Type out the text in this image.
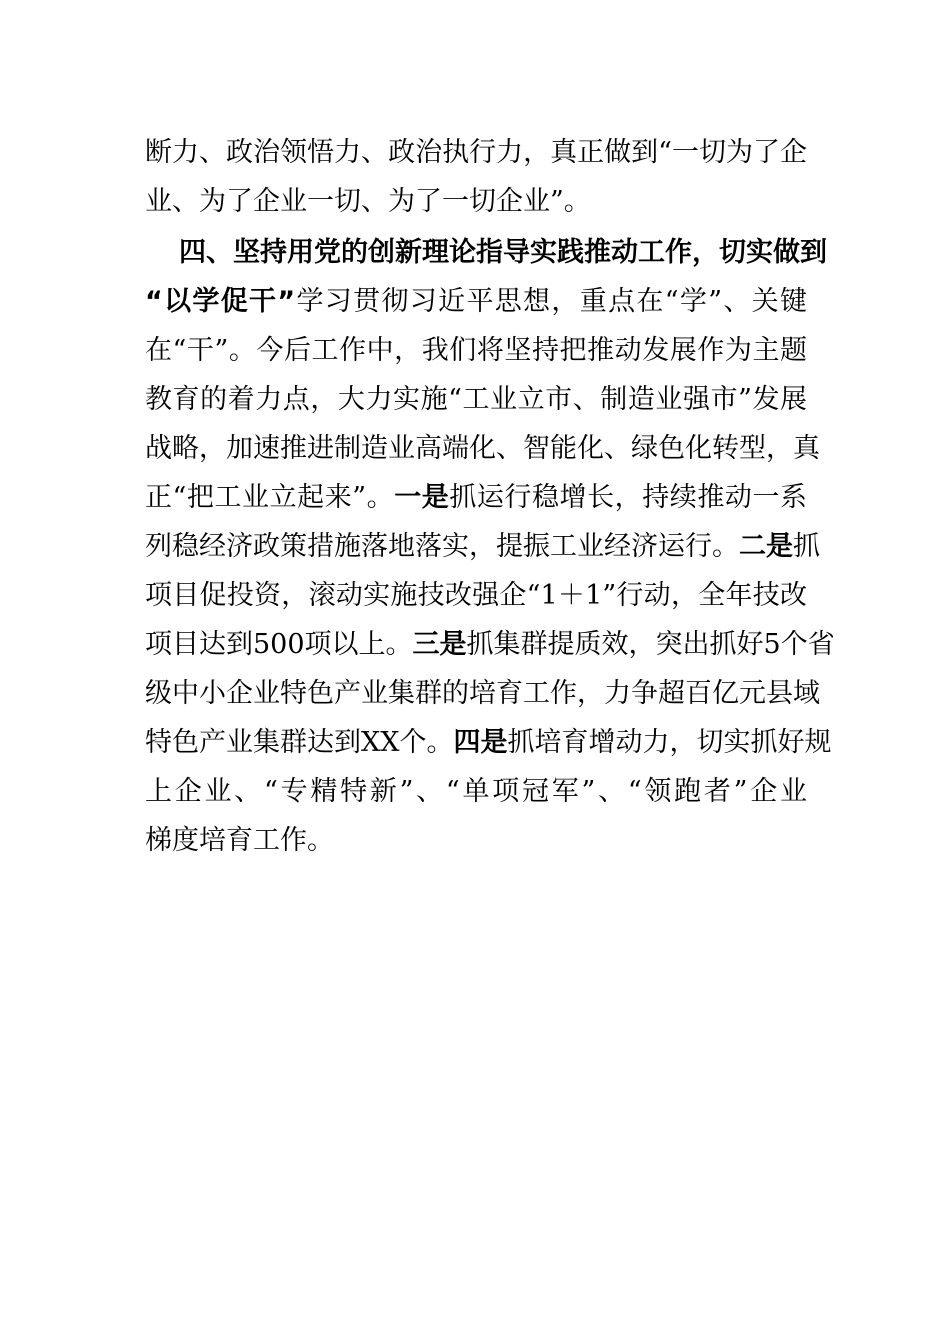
断力、政治领悟力、政治执行力，真正做到“一切为了企
业、为了企业一切、为了一切企业”。
四、坚持用党的创新理论指导实践推动工作，切实做到
“以学促干”学习贯彻习近平思想，重点在“学”、关键
在“干”。今后工作中，我们将坚持把推动发展作为主题
教育的着力点，大力实施“工业立市、制造业强市”发展
战略，加速推进制造业高端化、智能化、绿色化转型，真
正“把工业立起来”。一是抓运行稳增长，持续推动一系
列稳经济政策措施落地落实，提振工业经济运行。二是抓
项目促投资，滚动实施技改强企“1＋1”行动，全年技改
项目达到500项以上。三是抓集群提质效，突出抓好5个省
级中小企业特色产业集群的培育工作，力争超百亿元县域
特色产业集群达到XX个。四是抓培育增动力，切实抓好规
上企业、“专精特新”、“单项冠军”、“领跑者”企业
梯度培育工作。
